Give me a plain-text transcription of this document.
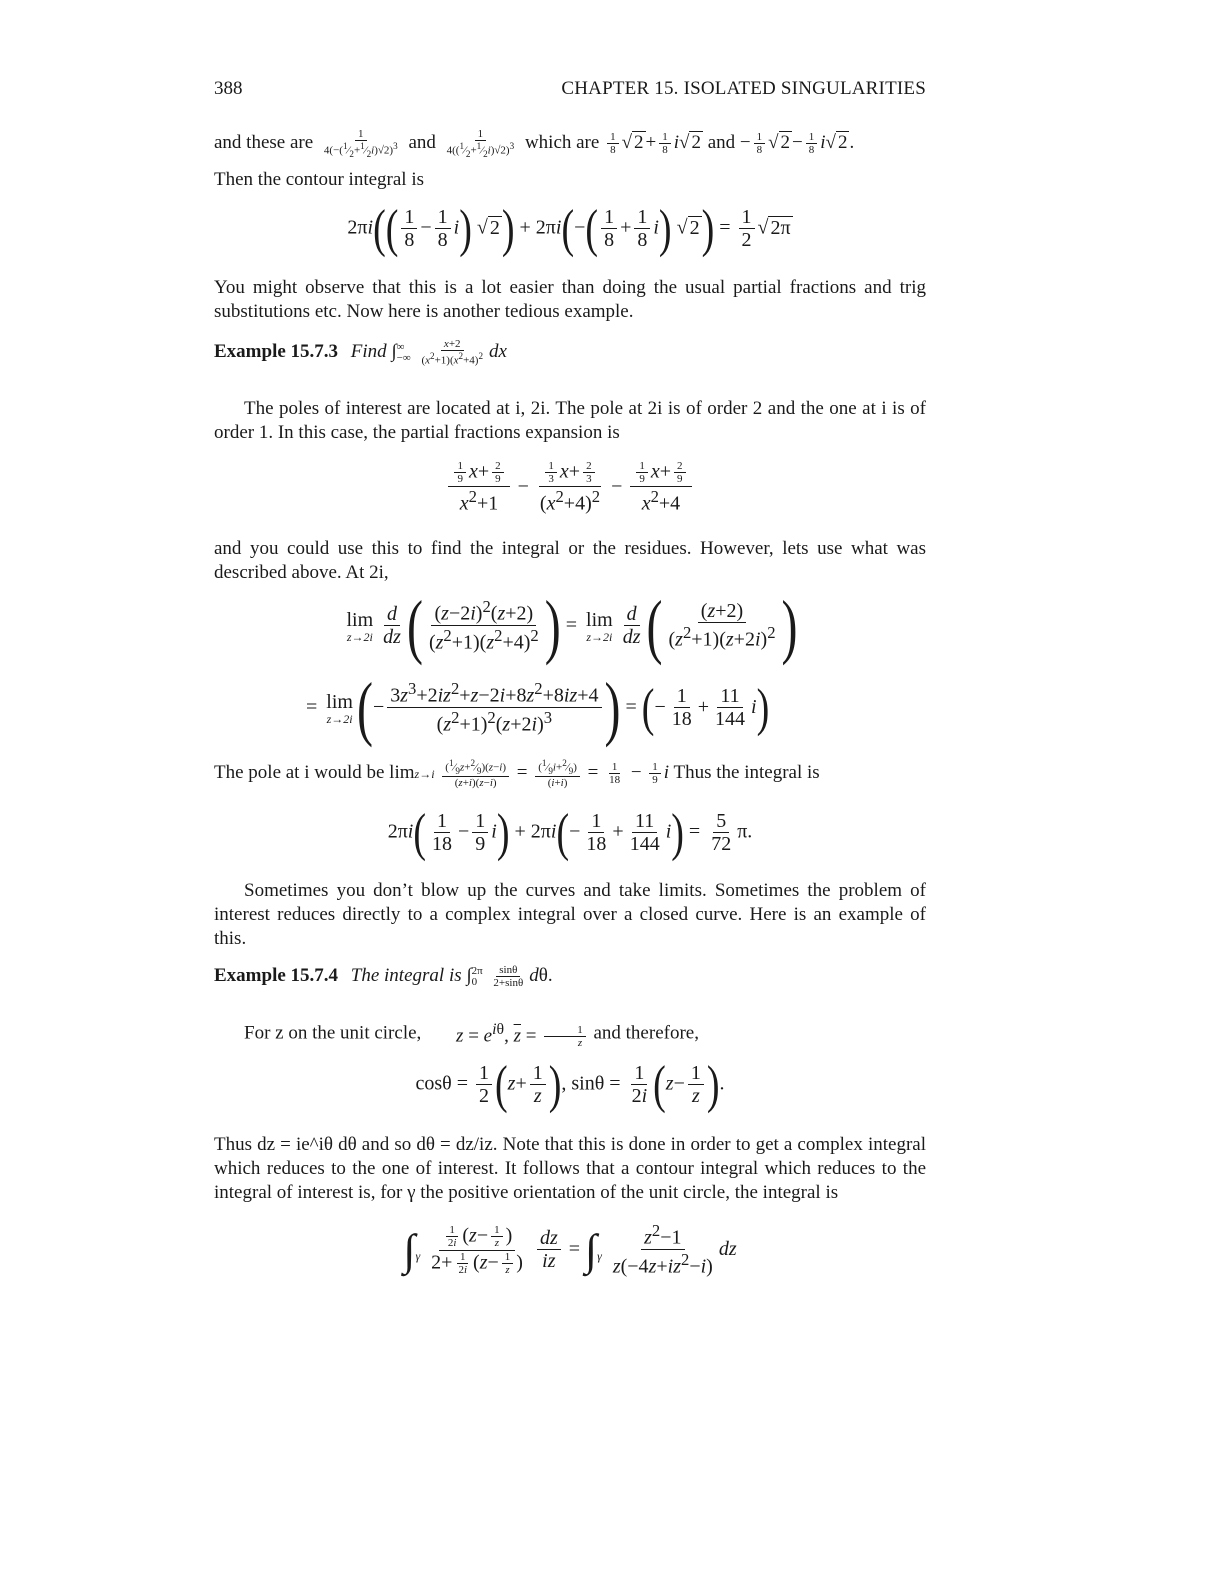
388	CHAPTER 15. ISOLATED SINGULARITIES
and these are $\frac{1}{4(-(^1⁄_2+^1⁄_2i)√2)^3}$ and $\frac{1}{4((^1⁄_2+^1⁄_2i)√2)^3}$ which are $\frac{1}{8}$ √ $2 + \frac{1}{8} i√$ 2 and − $\frac{1}{8}$ √ $2 - \frac{1}{8} i√$ 2 .
Then the contour integral is
$2\pi i(( \frac{1}{8} - \frac{1}{8} i)$ √ $2) + 2\pi i(-( \frac{1}{8} + \frac{1}{8} i)$ √ $2) = \frac{1}{2}$ √ 2π

You might observe that this is a lot easier than doing the usual partial fractions and trig substitutions etc. Now here is another tedious example.

Example 15.7.3 Find ∫ ∞
−∞
$\frac{x+2}{(x^2+1)(x^2+4)^2}$ dx

The poles of interest are located at i, 2i. The pole at 2i is of order 2 and the one at i is of order 1. In this case, the partial fractions expansion is

$\frac{\frac{1}{9} x+ \frac{2}{9}}{x^2+1} - \frac{\frac{1}{3} x+ \frac{2}{3}}{(x^2+4)^2} - \frac{\frac{1}{9} x+ \frac{2}{9}}{x^2+4}$

and you could use this to find the integral or the residues. However, lets use what was described above. At 2i,

lim
$z\to 2i \frac{d}{dz}$ ( $\frac{(z-2i)^2(z+2)}{(z^2+1)(z^2+4)^2}$ ) = lim
$z\to 2i \frac{d}{dz}$ ( $\frac{(z+2)}{(z^2+1)(z+2i)^2}$ )
= lim
z→2i (− $\frac{3z^3+2iz^2+z-2i+8z^2+8iz+4}{(z^2+1)^2(z+2i)^3}$ ) = (− $\frac{1}{18} + \frac{11}{144} i$)
The pole at i would be $\lim z\to i \frac{(^1⁄_9z+^2⁄_9)(z-i)}{(z+i)(z-i)} = \frac{(^1⁄_9i+^2⁄_9)}{(i+i)} = \frac{1}{18} - \frac{1}{9}$ i Thus the integral is
$2\pi i( \frac{1}{18} - \frac{1}{9} i) + 2\pi i(- \frac{1}{18} + \frac{11}{144} i) = \frac{5}{72} \pi$.

Sometimes you don’t blow up the curves and take limits. Sometimes the problem of interest reduces directly to a complex integral over a closed curve. Here is an example of this.

Example 15.7.4 The integral is ∫ 2π
0
	$\frac{\sin\theta}{2+\sin\theta} d\theta$.
For z on the unit circle, $z = e^{i\theta}$, $\overline{z} = \frac{1}{z}$ and therefore,
$\cos\theta = \frac{1}{2} (z+ \frac{1}{z}$ ), $\sin\theta = \frac{1}{2i} (z- \frac{1}{z}$ ).

Thus dz = ie^iθ dθ and so dθ = dz/iz. Note that this is done in order to get a complex integral which reduces to the one of interest. It follows that a contour integral which reduces to the integral of interest is, for γ the positive orientation of the unit circle, the integral is

$\int_\gamma \frac{\frac{1}{2i} (z- \frac{1}{z} )}{2+ \frac{1}{2i} (z- \frac{1}{z} )}$
$\frac{dz}{iz} = \int_\gamma \frac{z^2-1}{z(-4z+iz^2-i)}$ dz
